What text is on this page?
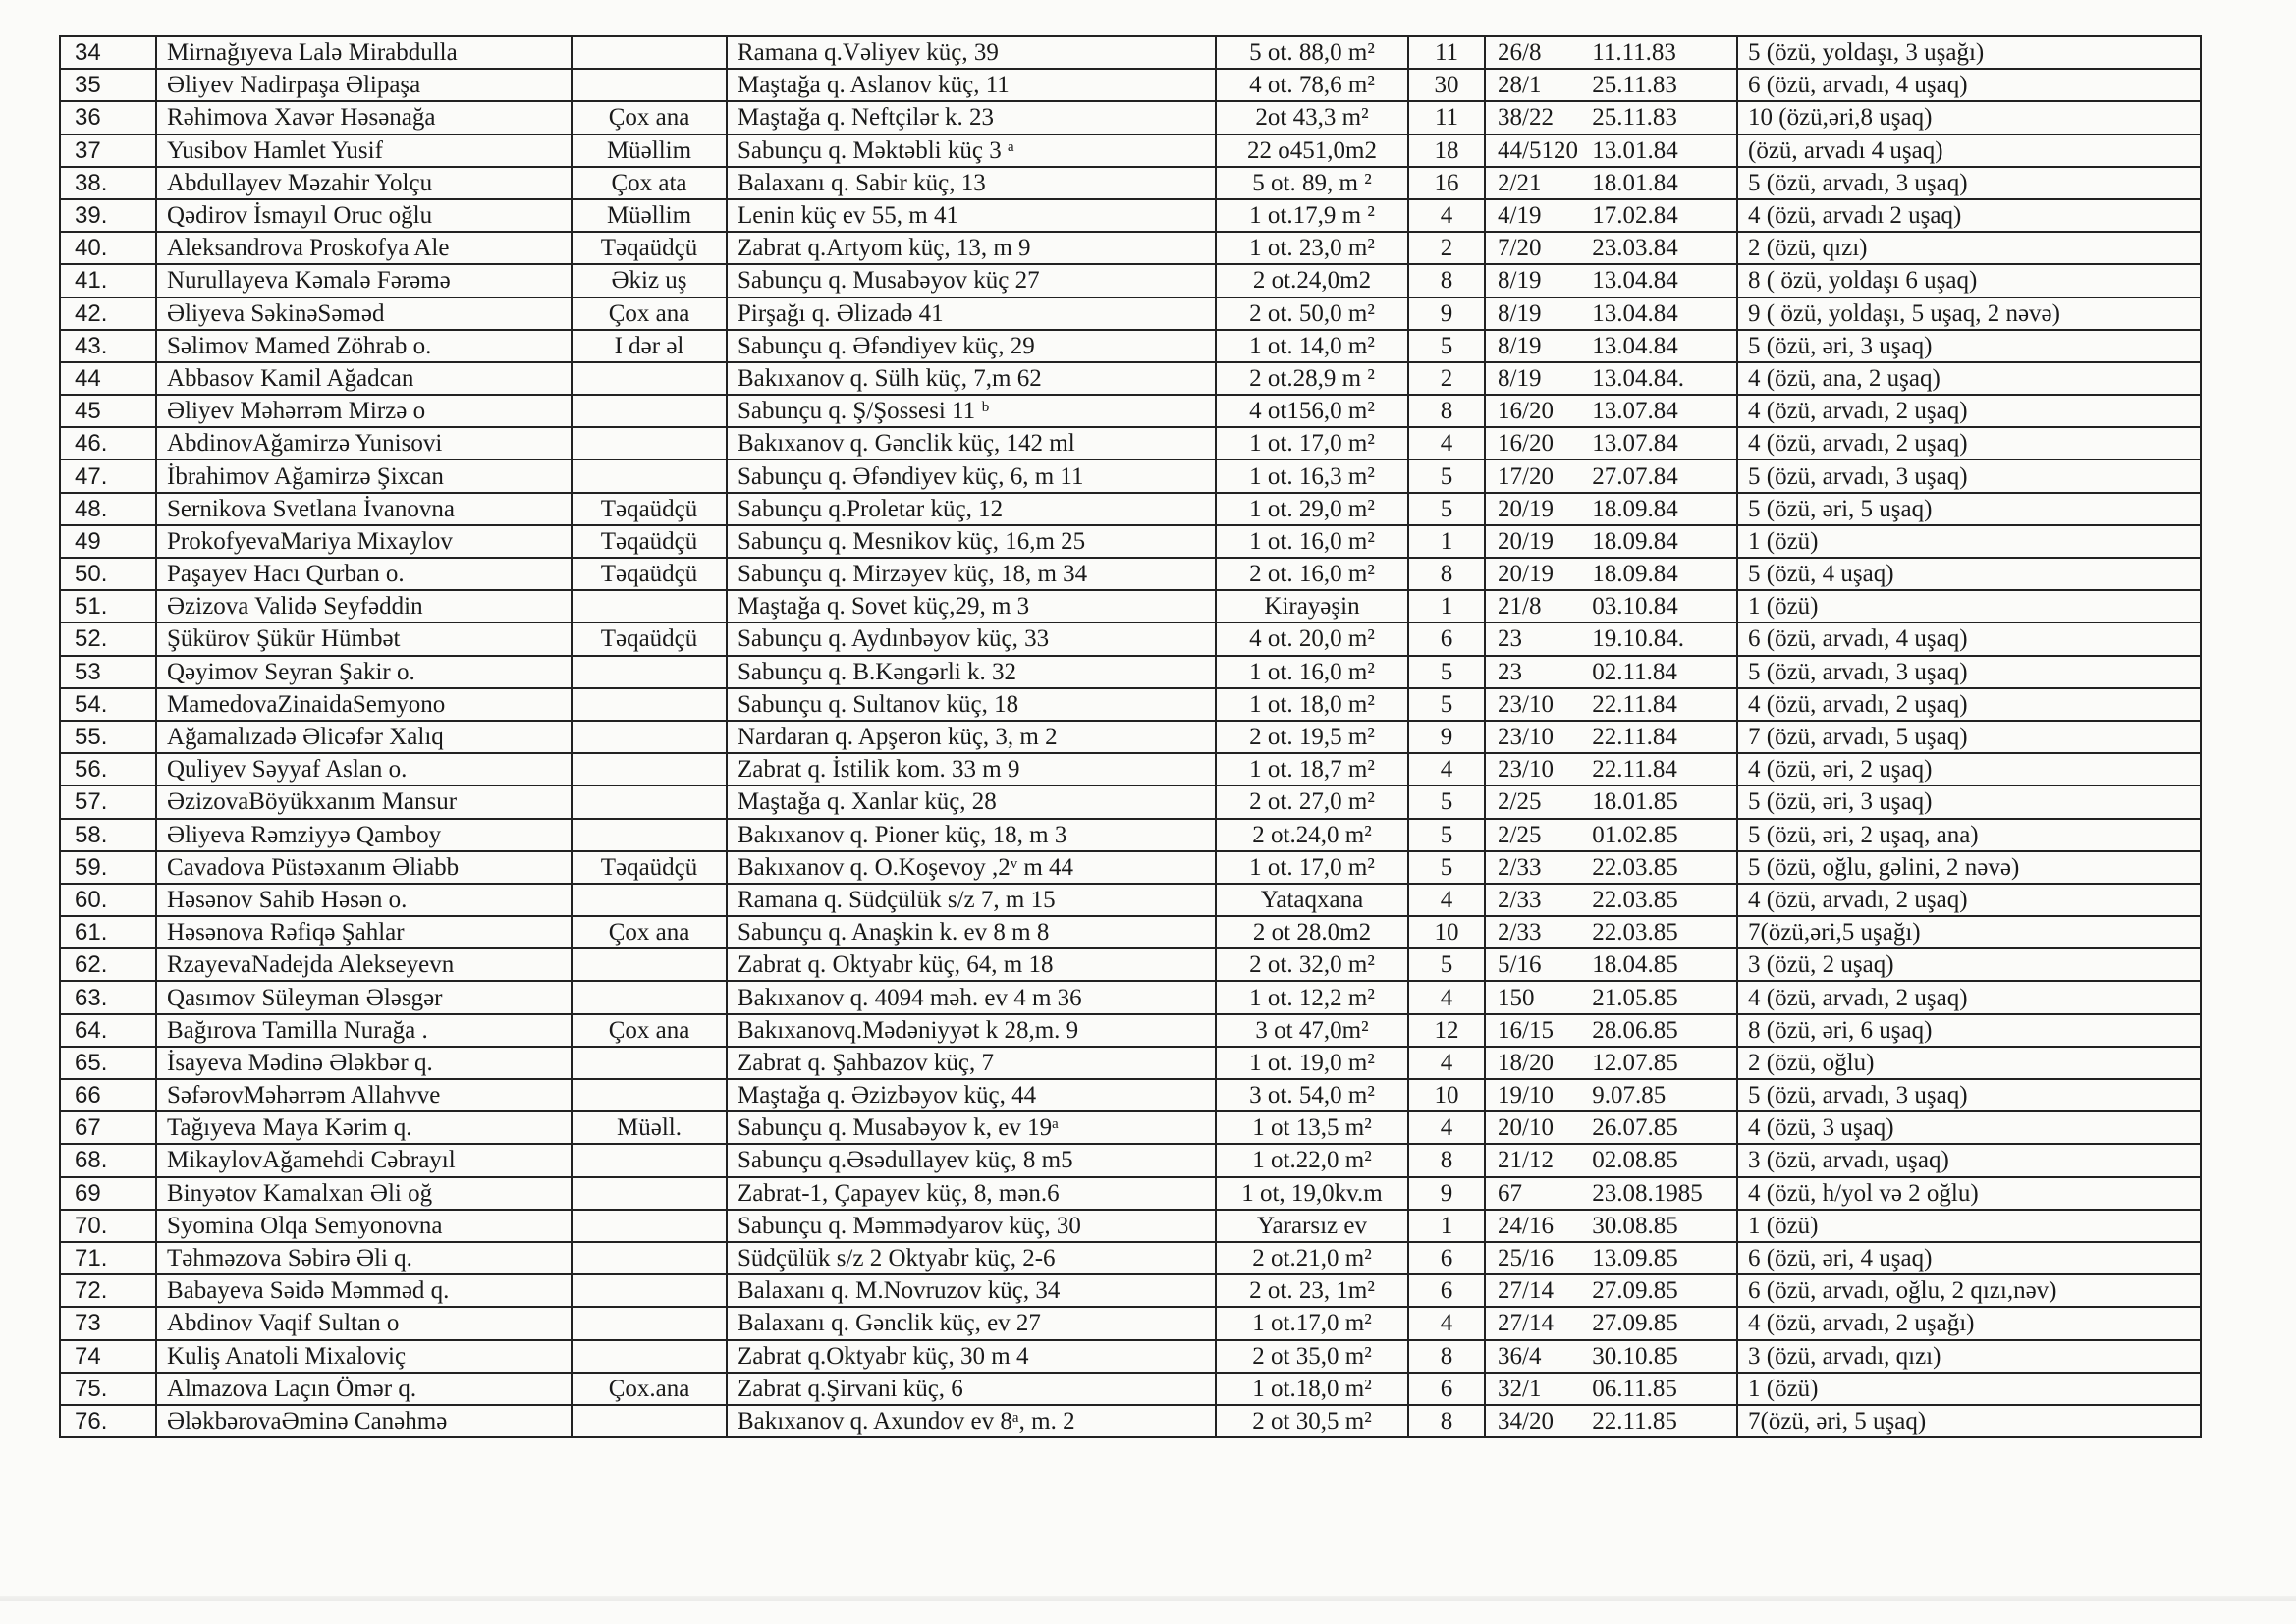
34	Mirnağıyeva Lalə Mirabdulla		Ramana q.Vəliyev küç, 39	5 ot. 88,0 m²	11	26/8 11.11.83	5 (özü, yoldaşı, 3 uşağı)
35	Əliyev Nadirpaşa Əlipaşa		Maştağa q. Aslanov küç, 11	4 ot. 78,6 m²	30	28/1 25.11.83	6 (özü, arvadı, 4 uşaq)
36	Rəhimova Xavər Həsənağa	Çox ana	Maştağa q. Neftçilər k. 23	2ot 43,3 m²	11	38/22 25.11.83	10 (özü,əri,8 uşaq)
37	Yusibov Hamlet Yusif	Müəllim	Sabunçu q. Məktəbli küç 3 ᵃ	22 o451,0m2	18	44/5120 13.01.84	(özü, arvadı 4 uşaq)
38.	Abdullayev Məzahir Yolçu	Çox ata	Balaxanı q. Sabir küç, 13	5 ot. 89, m ²	16	2/21 18.01.84	5 (özü, arvadı, 3 uşaq)
39.	Qədirov İsmayıl Oruc oğlu	Müəllim	Lenin küç ev 55, m 41	1 ot.17,9 m ²	4	4/19 17.02.84	4 (özü, arvadı 2 uşaq)
40.	Aleksandrova Proskofya Ale	Təqaüdçü	Zabrat q.Artyom küç, 13, m 9	1 ot. 23,0 m²	2	7/20 23.03.84	2 (özü, qızı)
41.	Nurullayeva Kəmalə Fərəmə	Əkiz uş	Sabunçu q. Musabəyov küç 27	2 ot.24,0m2	8	8/19 13.04.84	8 ( özü, yoldaşı 6 uşaq)
42.	Əliyeva SəkinəSəməd	Çox ana	Pirşağı q. Əlizadə 41	2 ot. 50,0 m²	9	8/19 13.04.84	9 ( özü, yoldaşı, 5 uşaq, 2 nəvə)
43.	Səlimov Mamed Zöhrab o.	I dər əl	Sabunçu q. Əfəndiyev küç, 29	1 ot. 14,0 m²	5	8/19 13.04.84	5 (özü, əri, 3 uşaq)
44	Abbasov Kamil Ağadcan		Bakıxanov q. Sülh küç, 7,m 62	2 ot.28,9 m ²	2	8/19 13.04.84.	4 (özü, ana, 2 uşaq)
45	Əliyev Məhərrəm Mirzə o		Sabunçu q. Ş/Şossesi 11 ᵇ	4 ot156,0 m²	8	16/20 13.07.84	4 (özü, arvadı, 2 uşaq)
46.	AbdinovAğamirzə Yunisovi		Bakıxanov q. Gənclik küç, 142 ml	1 ot. 17,0 m²	4	16/20 13.07.84	4 (özü, arvadı, 2 uşaq)
47.	İbrahimov Ağamirzə Şixcan		Sabunçu q. Əfəndiyev küç, 6, m 11	1 ot. 16,3 m²	5	17/20 27.07.84	5 (özü, arvadı, 3 uşaq)
48.	Sernikova Svetlana İvanovna	Təqaüdçü	Sabunçu q.Proletar küç, 12	1 ot. 29,0 m²	5	20/19 18.09.84	5 (özü, əri, 5 uşaq)
49	ProkofyevaMariya Mixaylov	Təqaüdçü	Sabunçu q. Mesnikov küç, 16,m 25	1 ot. 16,0 m²	1	20/19 18.09.84	1 (özü)
50.	Paşayev Hacı Qurban o.	Təqaüdçü	Sabunçu q. Mirzəyev küç, 18, m 34	2 ot. 16,0 m²	8	20/19 18.09.84	5 (özü, 4 uşaq)
51.	Əzizova Validə Seyfəddin		Maştağa q. Sovet küç,29, m 3	Kirayəşin	1	21/8 03.10.84	1 (özü)
52.	Şükürov Şükür Hümbət	Təqaüdçü	Sabunçu q. Aydınbəyov küç, 33	4 ot. 20,0 m²	6	23 19.10.84.	6 (özü, arvadı, 4 uşaq)
53	Qəyimov Seyran Şakir o.		Sabunçu q. B.Kəngərli k. 32	1 ot. 16,0 m²	5	23 02.11.84	5 (özü, arvadı, 3 uşaq)
54.	MamedovaZinaidaSemyono		Sabunçu q. Sultanov küç, 18	1 ot. 18,0 m²	5	23/10 22.11.84	4 (özü, arvadı, 2 uşaq)
55.	Ağamalızadə Əlicəfər Xalıq		Nardaran q. Apşeron küç, 3, m 2	2 ot. 19,5 m²	9	23/10 22.11.84	7 (özü, arvadı, 5 uşaq)
56.	Quliyev Səyyaf Aslan o.		Zabrat q. İstilik kom. 33 m 9	1 ot. 18,7 m²	4	23/10 22.11.84	4 (özü, əri, 2 uşaq)
57.	ƏzizovaBöyükxanım Mansur		Maştağa q. Xanlar küç, 28	2 ot. 27,0 m²	5	2/25 18.01.85	5 (özü, əri, 3 uşaq)
58.	Əliyeva Rəmziyyə Qamboy		Bakıxanov q. Pioner küç, 18, m 3	2 ot.24,0 m²	5	2/25 01.02.85	5 (özü, əri, 2 uşaq, ana)
59.	Cavadova Püstəxanım Əliabb	Təqaüdçü	Bakıxanov q. O.Koşevoy ,2ᵛ m 44	1 ot. 17,0 m²	5	2/33 22.03.85	5 (özü, oğlu, gəlini, 2 nəvə)
60.	Həsənov Sahib Həsən o.		Ramana q. Südçülük s/z 7, m 15	Yataqxana	4	2/33 22.03.85	4 (özü, arvadı, 2 uşaq)
61.	Həsənova Rəfiqə Şahlar	Çox ana	Sabunçu q. Anaşkin k. ev 8 m 8	2 ot 28.0m2	10	2/33 22.03.85	7(özü,əri,5 uşağı)
62.	RzayevaNadejda Alekseyevn		Zabrat q. Oktyabr küç, 64, m 18	2 ot. 32,0 m²	5	5/16 18.04.85	3 (özü, 2 uşaq)
63.	Qasımov Süleyman Ələsgər		Bakıxanov q. 4094 məh. ev 4 m 36	1 ot. 12,2 m²	4	150 21.05.85	4 (özü, arvadı, 2 uşaq)
64.	Bağırova Tamilla Nurağa .	Çox ana	Bakıxanovq.Mədəniyyət k 28,m. 9	3 ot 47,0m²	12	16/15 28.06.85	8 (özü, əri, 6 uşaq)
65.	İsayeva Mədinə Ələkbər q.		Zabrat q. Şahbazov küç, 7	1 ot. 19,0 m²	4	18/20 12.07.85	2 (özü, oğlu)
66	SəfərovMəhərrəm Allahvve		Maştağa q. Əzizbəyov küç, 44	3 ot. 54,0 m²	10	19/10 9.07.85	5 (özü, arvadı, 3 uşaq)
67	Tağıyeva Maya Kərim q.	Müəll.	Sabunçu q. Musabəyov k, ev 19ᵃ	1 ot 13,5 m²	4	20/10 26.07.85	4 (özü, 3 uşaq)
68.	MikaylovAğamehdi Cəbrayıl		Sabunçu q.Əsədullayev küç, 8 m5	1 ot.22,0 m²	8	21/12 02.08.85	3 (özü, arvadı, uşaq)
69	Binyətov Kamalxan Əli oğ		Zabrat-1, Çapayev küç, 8, mən.6	1 ot, 19,0kv.m	9	67 23.08.1985	4 (özü, h/yol və 2 oğlu)
70.	Syomina Olqa Semyonovna		Sabunçu q. Məmmədyarov küç, 30	Yararsız ev	1	24/16 30.08.85	1 (özü)
71.	Təhməzova Səbirə Əli q.		Südçülük s/z 2 Oktyabr küç, 2-6	2 ot.21,0 m²	6	25/16 13.09.85	6 (özü, əri, 4 uşaq)
72.	Babayeva Səidə Məmməd q.		Balaxanı q. M.Novruzov küç, 34	2 ot. 23, 1m²	6	27/14 27.09.85	6 (özü, arvadı, oğlu, 2 qızı,nəv)
73	Abdinov Vaqif Sultan o		Balaxanı q. Gənclik küç, ev 27	1 ot.17,0 m²	4	27/14 27.09.85	4 (özü, arvadı, 2 uşağı)
74	Kuliş Anatoli Mixaloviç		Zabrat q.Oktyabr küç, 30 m 4	2 ot 35,0 m²	8	36/4 30.10.85	3 (özü, arvadı, qızı)
75.	Almazova Laçın Ömər q.	Çox.ana	Zabrat q.Şirvani küç, 6	1 ot.18,0 m²	6	32/1 06.11.85	1 (özü)
76.	ƏləkbərovaƏminə Canəhmə		Bakıxanov q. Axundov ev 8ᵃ, m. 2	2 ot 30,5 m²	8	34/20 22.11.85	7(özü, əri, 5 uşaq)
